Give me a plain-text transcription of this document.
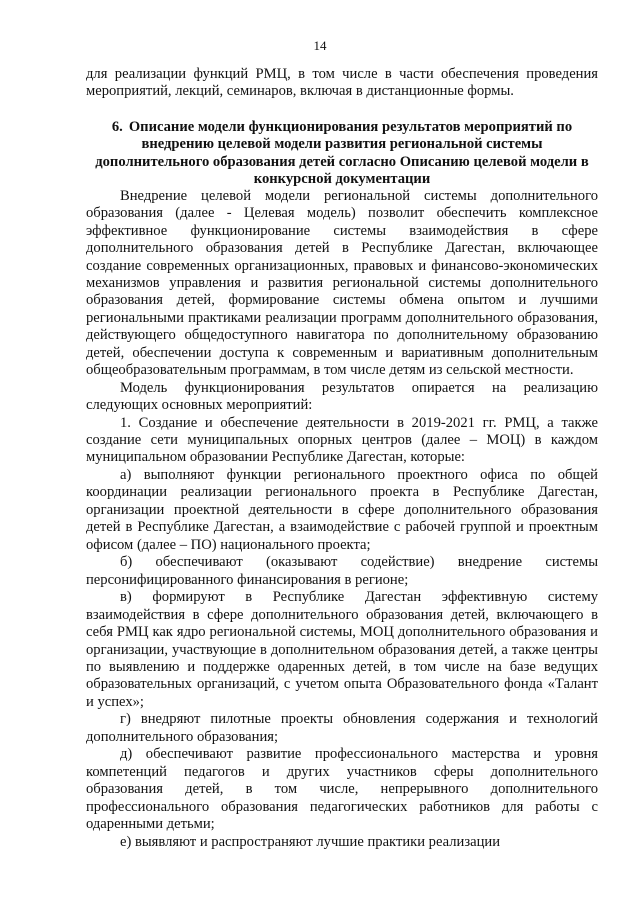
14

для реализации функций РМЦ, в том числе в части обеспечения проведения мероприятий, лекций, семинаров, включая в дистанционные формы.

6. Описание модели функционирования результатов мероприятий по внедрению целевой модели развития региональной системы дополнительного образования детей согласно Описанию целевой модели в конкурсной документации

Внедрение целевой модели региональной системы дополнительного образования (далее - Целевая модель) позволит обеспечить комплексное эффективное функционирование системы взаимодействия в сфере дополнительного образования детей в Республике Дагестан, включающее создание современных организационных, правовых и финансово-экономических механизмов управления и развития региональной системы дополнительного образования детей, формирование системы обмена опытом и лучшими региональными практиками реализации программ дополнительного образования, действующего общедоступного навигатора по дополнительному образованию детей, обеспечении доступа к современным и вариативным дополнительным общеобразовательным программам, в том числе детям из сельской местности.

Модель функционирования результатов опирается на реализацию следующих основных мероприятий:

1. Создание и обеспечение деятельности в 2019-2021 гг. РМЦ, а также создание сети муниципальных опорных центров (далее – МОЦ) в каждом муниципальном образовании Республике Дагестан, которые:

а) выполняют функции регионального проектного офиса по общей координации реализации регионального проекта в Республике Дагестан, организации проектной деятельности в сфере дополнительного образования детей в Республике Дагестан, а взаимодействие с рабочей группой и проектным офисом (далее – ПО) национального проекта;

б) обеспечивают (оказывают содействие) внедрение системы персонифицированного финансирования в регионе;

в) формируют в Республике Дагестан эффективную систему взаимодействия в сфере дополнительного образования детей, включающего в себя РМЦ как ядро региональной системы, МОЦ дополнительного образования и организации, участвующие в дополнительном образования детей, а также центры по выявлению и поддержке одаренных детей, в том числе на базе ведущих образовательных организаций, с учетом опыта Образовательного фонда «Талант и успех»;

г) внедряют пилотные проекты обновления содержания и технологий дополнительного образования;

д) обеспечивают развитие профессионального мастерства и уровня компетенций педагогов и других участников сферы дополнительного образования детей, в том числе, непрерывного дополнительного профессионального образования педагогических работников для работы с одаренными детьми;

е) выявляют и распространяют лучшие практики реализации
